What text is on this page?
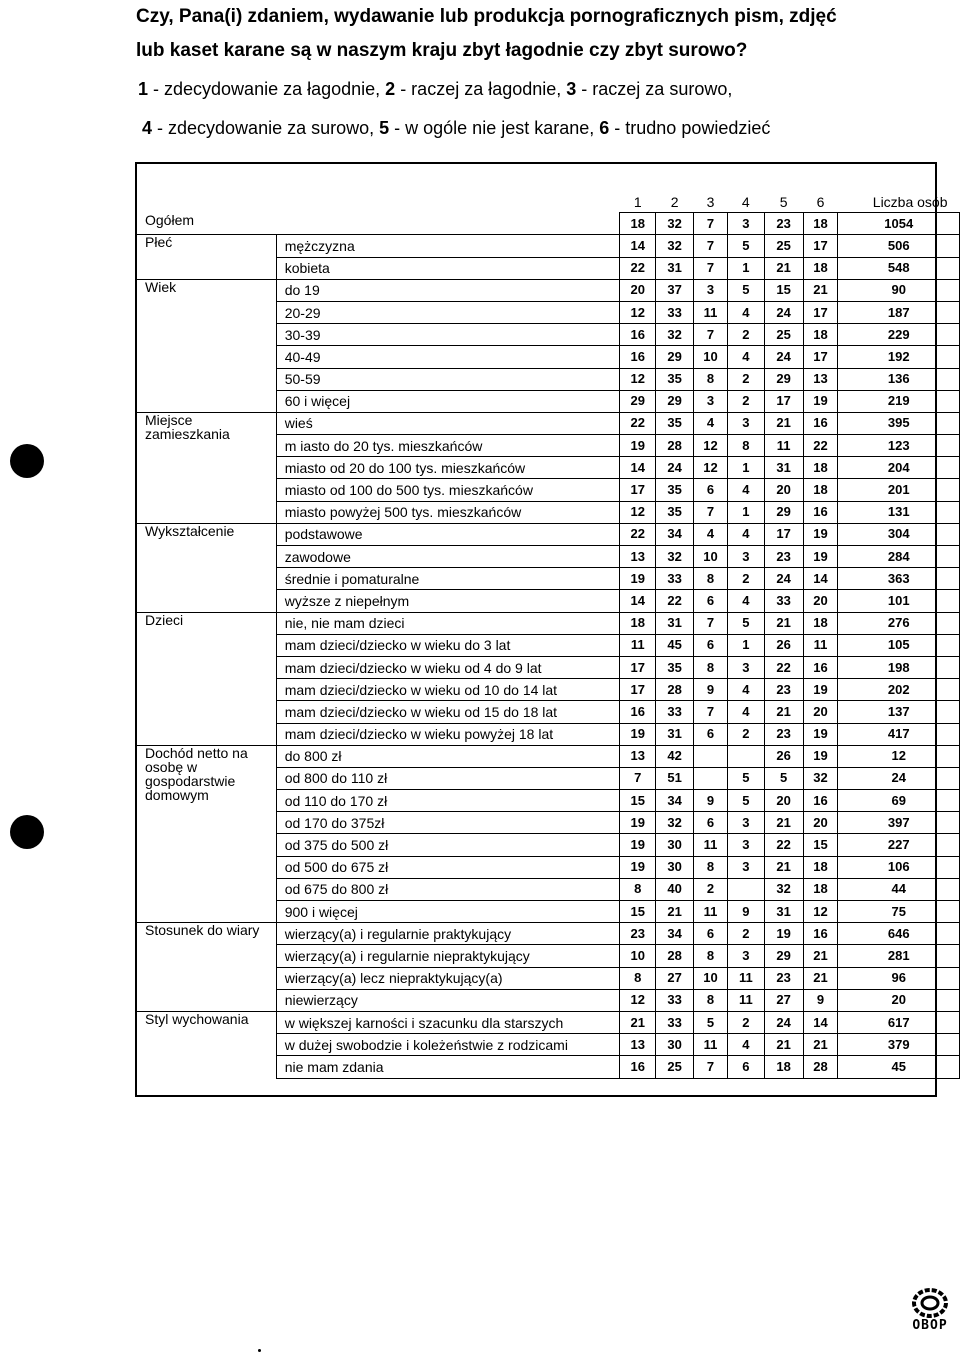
Czy, Pana(i) zdaniem, wydawanie lub produkcja pornograficznych pism, zdjęć
lub kaset karane są w naszym kraju zbyt łagodnie czy zbyt surowo?
1 - zdecydowanie za łagodnie, 2 - raczej za łagodnie, 3 - raczej za surowo,
4 - zdecydowanie za surowo, 5 - w ogóle nie jest karane, 6 - trudno powiedzieć
		1	2	3	4	5	6	Liczba osób
Ogółem		18	32	7	3	23	18	1054
Płeć	mężczyzna	14	32	7	5	25	17	506
	kobieta	22	31	7	1	21	18	548
Wiek	do 19	20	37	3	5	15	21	90
	20-29	12	33	11	4	24	17	187
	30-39	16	32	7	2	25	18	229
	40-49	16	29	10	4	24	17	192
	50-59	12	35	8	2	29	13	136
	60 i więcej	29	29	3	2	17	19	219
Miejsce zamieszkania	wieś	22	35	4	3	21	16	395
	m iasto do 20 tys. mieszkańców	19	28	12	8	11	22	123
	miasto od 20 do 100 tys. mieszkańców	14	24	12	1	31	18	204
	miasto od 100 do 500 tys. mieszkańców	17	35	6	4	20	18	201
	miasto powyżej 500 tys. mieszkańców	12	35	7	1	29	16	131
Wykształcenie	podstawowe	22	34	4	4	17	19	304
	zawodowe	13	32	10	3	23	19	284
	średnie i pomaturalne	19	33	8	2	24	14	363
	wyższe z niepełnym	14	22	6	4	33	20	101
Dzieci	nie, nie mam dzieci	18	31	7	5	21	18	276
	mam dzieci/dziecko w wieku do 3 lat	11	45	6	1	26	11	105
	mam dzieci/dziecko w wieku od 4 do 9 lat	17	35	8	3	22	16	198
	mam dzieci/dziecko w wieku od 10 do 14 lat	17	28	9	4	23	19	202
	mam dzieci/dziecko w wieku od 15 do 18 lat	16	33	7	4	21	20	137
	mam dzieci/dziecko w wieku powyżej 18 lat	19	31	6	2	23	19	417
Dochód netto na osobę w gospodarstwie domowym	do 800 zł	13	42			26	19	12
	od 800 do 110 zł	7	51		5	5	32	24
	od 110 do 170 zł	15	34	9	5	20	16	69
	od 170 do 375zł	19	32	6	3	21	20	397
	od 375 do 500 zł	19	30	11	3	22	15	227
	od 500 do 675 zł	19	30	8	3	21	18	106
	od 675 do 800 zł	8	40	2		32	18	44
	900 i więcej	15	21	11	9	31	12	75
Stosunek do wiary	wierzący(a) i regularnie praktykujący	23	34	6	2	19	16	646
	wierzący(a) i regularnie niepraktykujący	10	28	8	3	29	21	281
	wierzący(a) lecz niepraktykujący(a)	8	27	10	11	23	21	96
	niewierzący	12	33	8	11	27	9	20
Styl wychowania	w większej karności i szacunku dla starszych	21	33	5	2	24	14	617
	w dużej swobodzie i koleżeństwie z rodzicami	13	30	11	4	21	21	379
	nie mam zdania	16	25	7	6	18	28	45
OBOP
